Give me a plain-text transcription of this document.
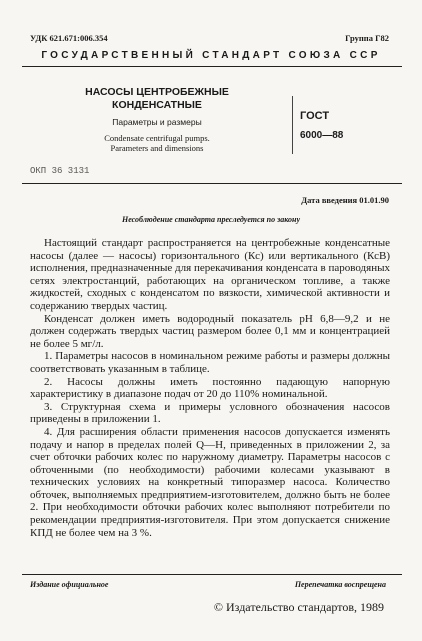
УДК 621.671:006.354	Группа Г82
ГОСУДАРСТВЕННЫЙ СТАНДАРТ СОЮЗА ССР
НАСОСЫ ЦЕНТРОБЕЖНЫЕ
КОНДЕНСАТНЫЕ
Параметры и размеры
Condensate centrifugal pumps.
Parameters and dimensions
ГОСТ
6000—88
ОКП 36 3131
Дата введения 01.01.90
Несоблюдение стандарта преследуется по закону

Настоящий стандарт распространяется на центробежные конденсатные насосы (далее — насосы) горизонтального (Кс) или вертикального (КсВ) исполнения, предназначенные для перекачивания конденсата в пароводяных сетях электростанций, работающих на органическом топливе, а также жидкостей, сходных с конденсатом по вязкости, химической активности и содержанию твердых частиц.

Конденсат должен иметь водородный показатель pH 6,8—9,2 и не должен содержать твердых частиц размером более 0,1 мм и концентрацией не более 5 мг/л.

1. Параметры насосов в номинальном режиме работы и размеры должны соответствовать указанным в таблице.

2. Насосы должны иметь постоянно падающую напорную характеристику в диапазоне подач от 20 до 110% номинальной.

3. Структурная схема и примеры условного обозначения насосов приведены в приложении 1.

4. Для расширения области применения насосов допускается изменять подачу и напор в пределах полей Q—H, приведенных в приложении 2, за счет обточки рабочих колес по наружному диаметру. Параметры насосов с обточенными (по необходимости) рабочими колесами указывают в технических условиях на конкретный типоразмер насоса. Количество обточек, выполняемых предприятием-изготовителем, должно быть не более 2. При необходимости обточки рабочих колес выполняют потребители по рекомендации предприятия-изготовителя. При этом допускается снижение КПД не более чем на 3 %.

Издание официальное	Перепечатка воспрещена
© Издательство стандартов, 1989
